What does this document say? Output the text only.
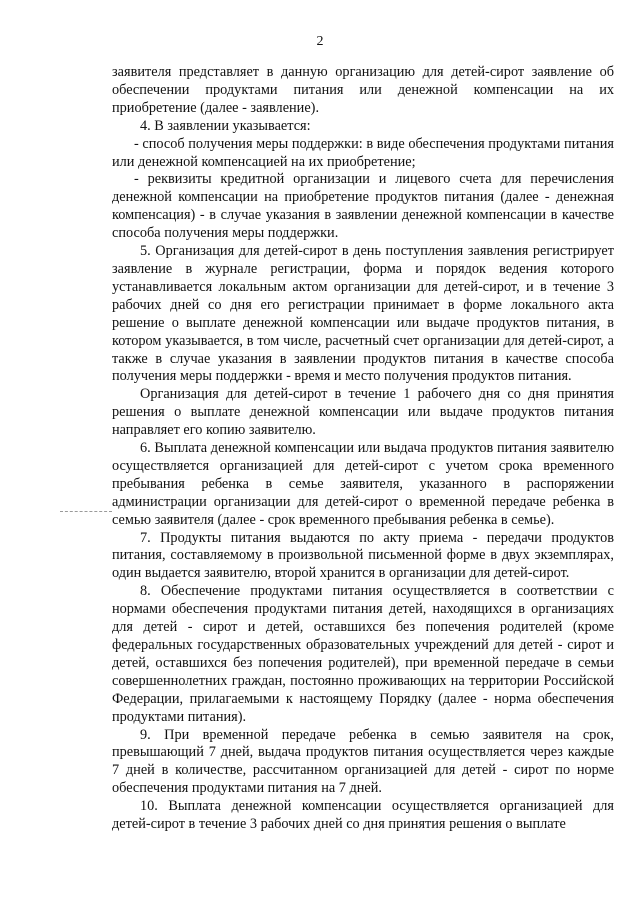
2

заявителя представляет в данную организацию для детей-сирот заявление об обеспечении продуктами питания или денежной компенсации на их приобретение (далее - заявление).

4. В заявлении указывается:

- способ получения меры поддержки: в виде обеспечения продуктами питания или денежной компенсацией на их приобретение;

- реквизиты кредитной организации и лицевого счета для перечисления денежной компенсации на приобретение продуктов питания (далее - денежная компенсация) - в случае указания в заявлении денежной компенсации в качестве способа получения меры поддержки.

5. Организация для детей-сирот в день поступления заявления регистрирует заявление в журнале регистрации, форма и порядок ведения которого устанавливается локальным актом организации для детей-сирот, и в течение 3 рабочих дней со дня его регистрации принимает в форме локального акта решение о выплате денежной компенсации или выдаче продуктов питания, в котором указывается, в том числе, расчетный счет организации для детей-сирот, а также в случае указания в заявлении продуктов питания в качестве способа получения меры поддержки - время и место получения продуктов питания.

Организация для детей-сирот в течение 1 рабочего дня со дня принятия решения о выплате денежной компенсации или выдаче продуктов питания направляет его копию заявителю.

6. Выплата денежной компенсации или выдача продуктов питания заявителю осуществляется организацией для детей-сирот с учетом срока временного пребывания ребенка в семье заявителя, указанного в распоряжении администрации организации для детей-сирот о временной передаче ребенка в семью заявителя (далее - срок временного пребывания ребенка в семье).

7. Продукты питания выдаются по акту приема - передачи продуктов питания, составляемому в произвольной письменной форме в двух экземплярах, один выдается заявителю, второй хранится в организации для детей-сирот.

8. Обеспечение продуктами питания осуществляется в соответствии с нормами обеспечения продуктами питания детей, находящихся в организациях для детей - сирот и детей, оставшихся без попечения родителей (кроме федеральных государственных образовательных учреждений для детей - сирот и детей, оставшихся без попечения родителей), при временной передаче в семьи совершеннолетних граждан, постоянно проживающих на территории Российской Федерации, прилагаемыми к настоящему Порядку (далее - норма обеспечения продуктами питания).

9. При временной передаче ребенка в семью заявителя на срок, превышающий 7 дней, выдача продуктов питания осуществляется через каждые 7 дней в количестве, рассчитанном организацией для детей - сирот по норме обеспечения продуктами питания на 7 дней.

10. Выплата денежной компенсации осуществляется организацией для детей-сирот в течение 3 рабочих дней со дня принятия решения о выплате
